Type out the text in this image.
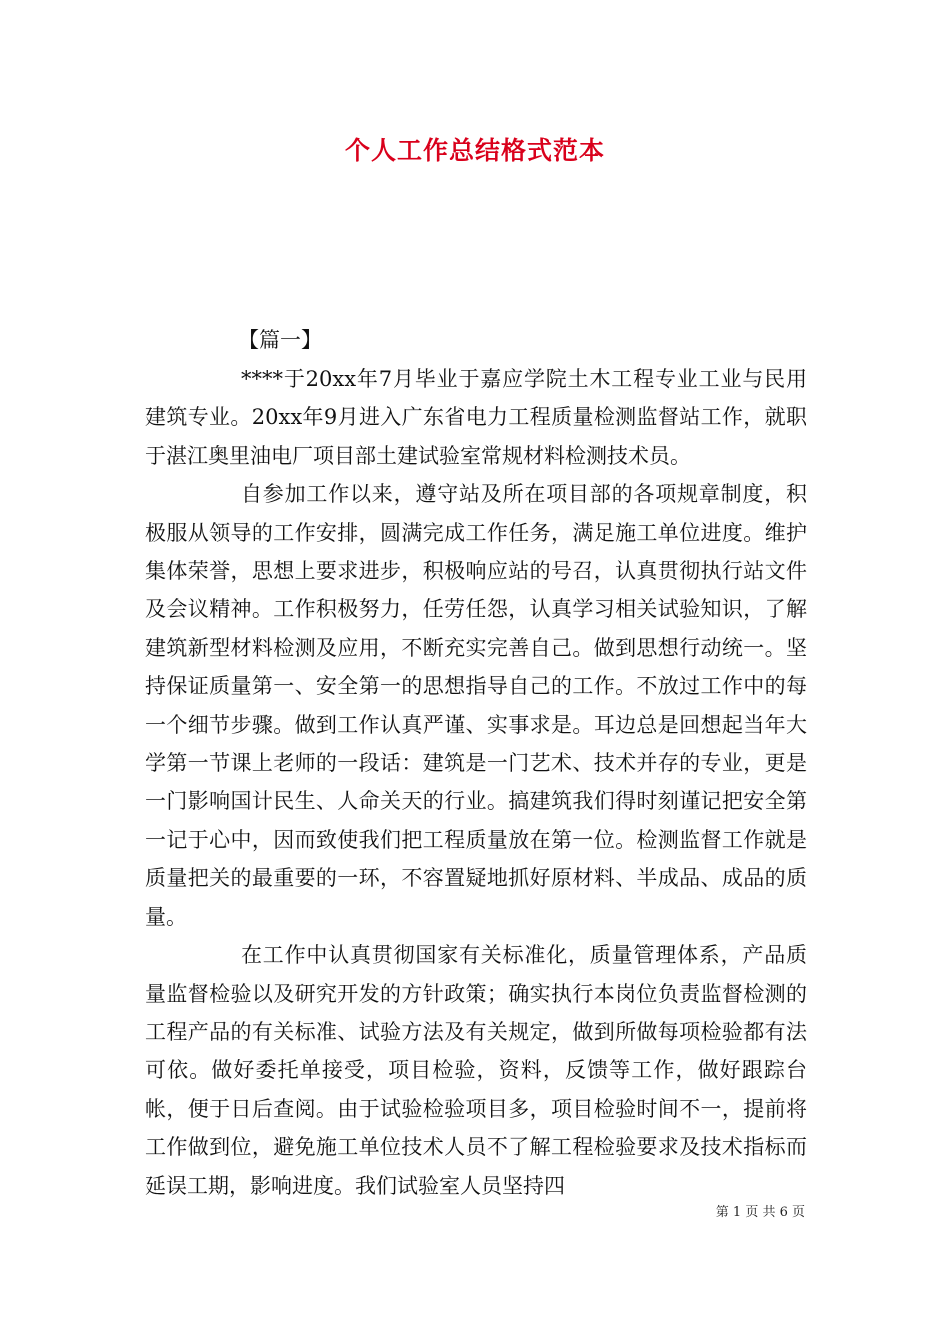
个人工作总结格式范本
【篇一】

****于20xx年7月毕业于嘉应学院土木工程专业工业与民用建筑专业。20xx年9月进入广东省电力工程质量检测监督站工作，就职于湛江奥里油电厂项目部土建试验室常规材料检测技术员。

自参加工作以来，遵守站及所在项目部的各项规章制度，积极服从领导的工作安排，圆满完成工作任务，满足施工单位进度。维护集体荣誉，思想上要求进步，积极响应站的号召，认真贯彻执行站文件及会议精神。工作积极努力，任劳任怨，认真学习相关试验知识，了解建筑新型材料检测及应用，不断充实完善自己。做到思想行动统一。坚持保证质量第一、安全第一的思想指导自己的工作。不放过工作中的每一个细节步骤。做到工作认真严谨、实事求是。耳边总是回想起当年大学第一节课上老师的一段话：建筑是一门艺术、技术并存的专业，更是一门影响国计民生、人命关天的行业。搞建筑我们得时刻谨记把安全第一记于心中，因而致使我们把工程质量放在第一位。检测监督工作就是质量把关的最重要的一环，不容置疑地抓好原材料、半成品、成品的质量。

在工作中认真贯彻国家有关标准化，质量管理体系，产品质量监督检验以及研究开发的方针政策；确实执行本岗位负责监督检测的工程产品的有关标准、试验方法及有关规定，做到所做每项检验都有法可依。做好委托单接受，项目检验，资料，反馈等工作，做好跟踪台帐，便于日后查阅。由于试验检验项目多，项目检验时间不一，提前将工作做到位，避免施工单位技术人员不了解工程检验要求及技术指标而延误工期，影响进度。我们试验室人员坚持四

第 1 页 共 6 页
